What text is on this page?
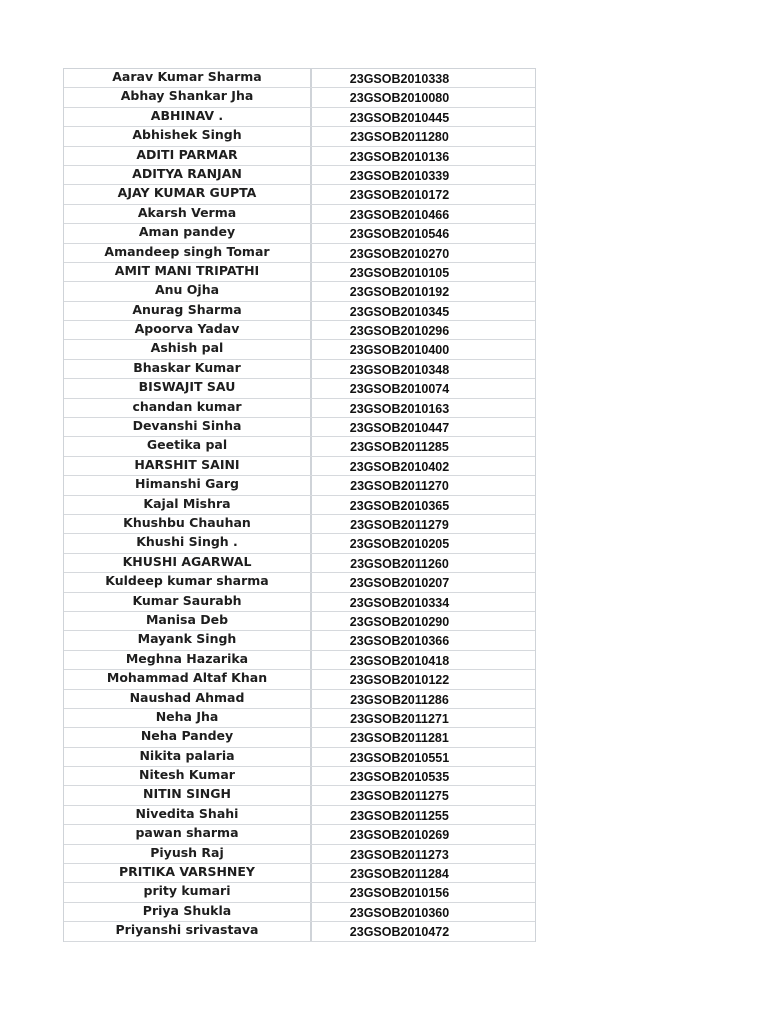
Aarav Kumar Sharma	23GSOB2010338
Abhay Shankar Jha	23GSOB2010080
ABHINAV .	23GSOB2010445
Abhishek Singh	23GSOB2011280
ADITI PARMAR	23GSOB2010136
ADITYA RANJAN	23GSOB2010339
AJAY KUMAR GUPTA	23GSOB2010172
Akarsh Verma	23GSOB2010466
Aman pandey	23GSOB2010546
Amandeep singh Tomar	23GSOB2010270
AMIT MANI TRIPATHI	23GSOB2010105
Anu Ojha	23GSOB2010192
Anurag Sharma	23GSOB2010345
Apoorva Yadav	23GSOB2010296
Ashish pal	23GSOB2010400
Bhaskar Kumar	23GSOB2010348
BISWAJIT SAU	23GSOB2010074
chandan kumar	23GSOB2010163
Devanshi Sinha	23GSOB2010447
Geetika pal	23GSOB2011285
HARSHIT SAINI	23GSOB2010402
Himanshi Garg	23GSOB2011270
Kajal Mishra	23GSOB2010365
Khushbu Chauhan	23GSOB2011279
Khushi Singh .	23GSOB2010205
KHUSHI AGARWAL	23GSOB2011260
Kuldeep kumar sharma	23GSOB2010207
Kumar Saurabh	23GSOB2010334
Manisa Deb	23GSOB2010290
Mayank Singh	23GSOB2010366
Meghna Hazarika	23GSOB2010418
Mohammad Altaf Khan	23GSOB2010122
Naushad Ahmad	23GSOB2011286
Neha Jha	23GSOB2011271
Neha Pandey	23GSOB2011281
Nikita palaria	23GSOB2010551
Nitesh Kumar	23GSOB2010535
NITIN SINGH	23GSOB2011275
Nivedita Shahi	23GSOB2011255
pawan sharma	23GSOB2010269
Piyush Raj	23GSOB2011273
PRITIKA VARSHNEY	23GSOB2011284
prity kumari	23GSOB2010156
Priya Shukla	23GSOB2010360
Priyanshi srivastava	23GSOB2010472
